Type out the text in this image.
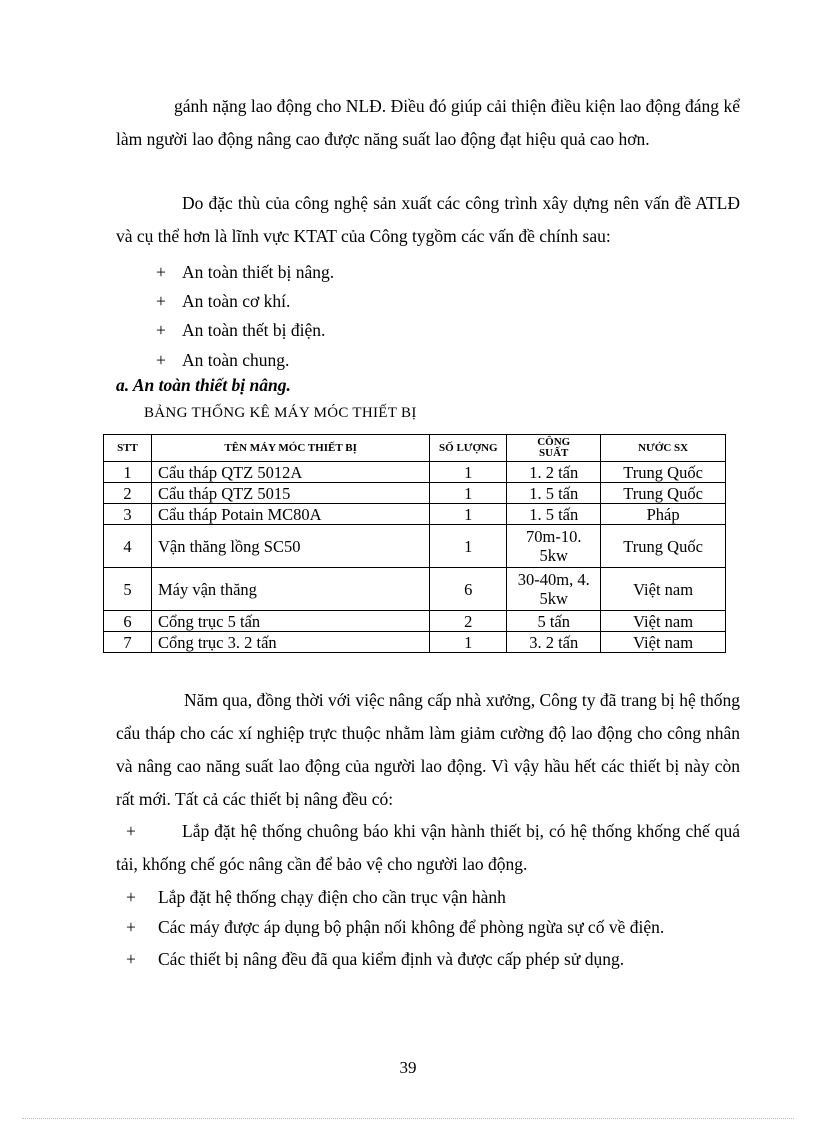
gánh nặng lao động cho NLĐ. Điều đó giúp cải thiện điều kiện lao động đáng kể làm người lao động nâng cao được năng suất lao động đạt hiệu quả cao hơn.
Do đặc thù của công nghệ sản xuất các công trình xây dựng nên vấn đề ATLĐ và cụ thể hơn là lĩnh vực KTAT của Công tygồm các vấn đề chính sau:
+ An toàn thiết bị nâng.
+ An toàn cơ khí.
+ An toàn thết bị điện.
+ An toàn chung.
a. An toàn thiết bị nâng.
BẢNG THỐNG KÊ MÁY MÓC THIẾT BỊ
STT	TÊN MÁY MÓC THIẾT BỊ	SỐ LƯỢNG	CÔNG SUẤT	NƯỚC SX
1	Cẩu tháp QTZ 5012A	1	1. 2 tấn	Trung Quốc
2	Cẩu tháp QTZ 5015	1	1. 5 tấn	Trung Quốc
3	Cẩu tháp Potain MC80A	1	1. 5 tấn	Pháp
4	Vận thăng lồng SC50	1	70m-10. 5kw	Trung Quốc
5	Máy vận thăng	6	30-40m, 4. 5kw	Việt nam
6	Cổng trục 5 tấn	2	5 tấn	Việt nam
7	Cổng trục 3. 2 tấn	1	3. 2 tấn	Việt nam
Năm qua, đồng thời với việc nâng cấp nhà xưởng, Công ty đã trang bị hệ thống cẩu tháp cho các xí nghiệp trực thuộc nhằm làm giảm cường độ lao động cho công nhân và nâng cao năng suất lao động của người lao động. Vì vậy hầu hết các thiết bị này còn rất mới. Tất cả các thiết bị nâng đều có:
+	Lắp đặt hệ thống chuông báo khi vận hành thiết bị, có hệ thống khống chế quá tải, khống chế góc nâng cần để bảo vệ cho người lao động.
+ Lắp đặt hệ thống chạy điện cho cần trục vận hành
+ Các máy được áp dụng bộ phận nối không để phòng ngừa sự cố về điện.
+ Các thiết bị nâng đều đã qua kiểm định và được cấp phép sử dụng.
39
